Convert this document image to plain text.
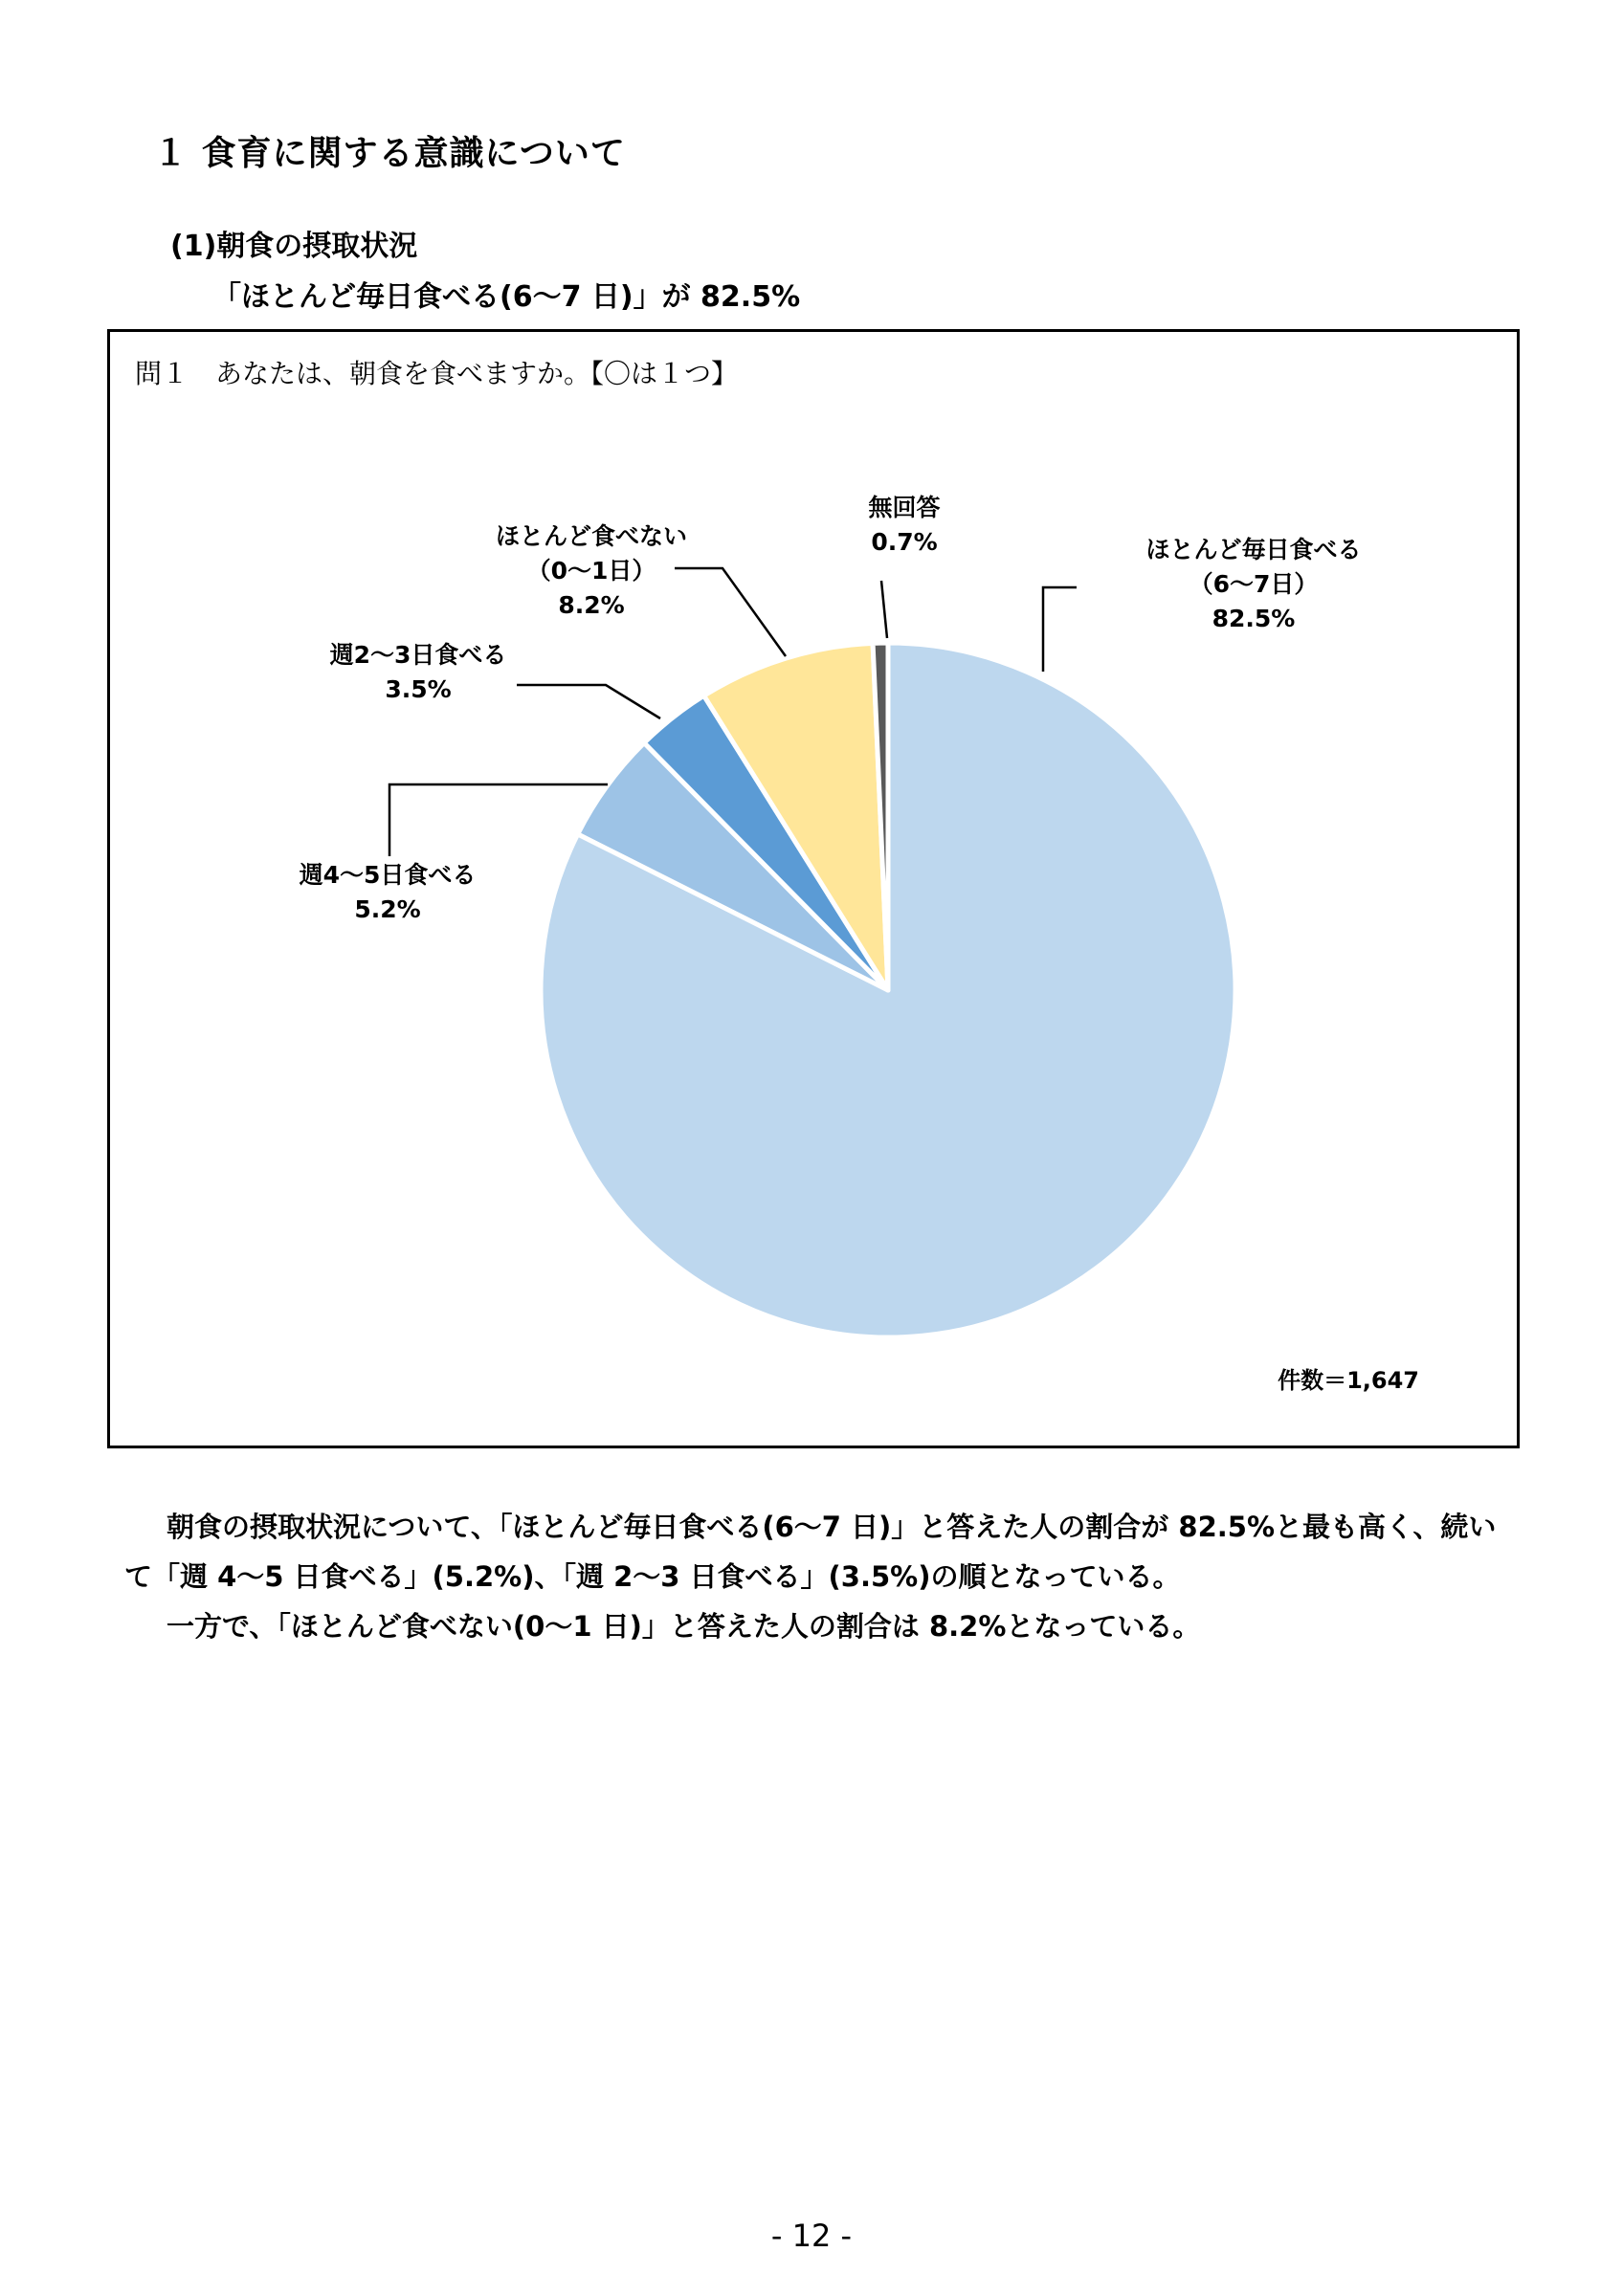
１ 食育に関する意識について
(1)朝食の摂取状況
「ほとんど毎日食べる(6～7 日)」が 82.5%
問１　あなたは、朝食を食べますか。【〇は１つ】
ほとんど毎日食べる（6～7日） 82.5%
週4～5日食べる 5.2%
週2～3日食べる 3.5%
ほとんど食べない（0～1日） 8.2%
無回答 0.7%
件数＝1,647

朝食の摂取状況について、「ほとんど毎日食べる(6～7 日)」と答えた人の割合が 82.5%と最も高く、続いて「週 4～5 日食べる」(5.2%)、「週 2～3 日食べる」(3.5%)の順となっている。

一方で、「ほとんど食べない(0～1 日)」と答えた人の割合は 8.2%となっている。

- 12 -
